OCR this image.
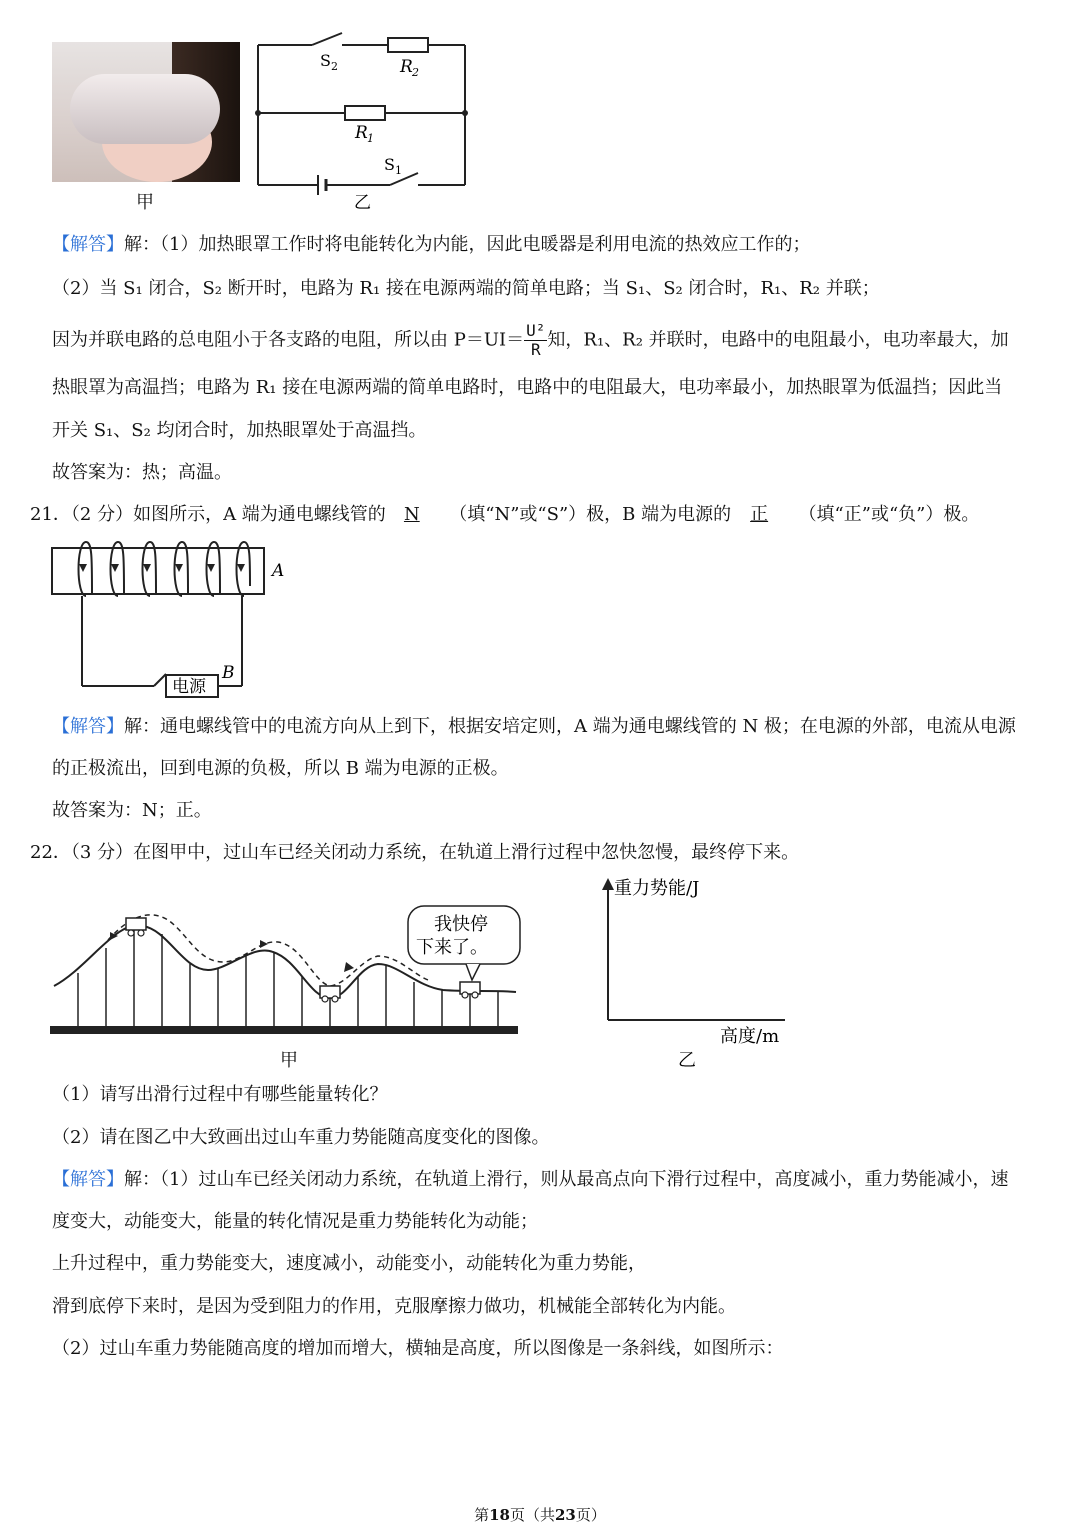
甲
S 2	R 2
R 1
S 1
乙
【解答】解：（1）加热眼罩工作时将电能转化为内能，因此电暖器是利用电流的热效应工作的；
（2）当 S₁ 闭合，S₂ 断开时，电路为 R₁ 接在电源两端的简单电路；当 S₁、S₂ 闭合时，R₁、R₂ 并联；
因为并联电路的总电阻小于各支路的电阻，所以由 $P=UI= \frac{\text{U²}}{R}$ 知，R₁、R₂ 并联时，电路中的电阻最小，电功率最大，加
热眼罩为高温挡；电路为 R₁ 接在电源两端的简单电路时，电路中的电阻最大，电功率最小，加热眼罩为低温挡；因此当
开关 S₁、S₂ 均闭合时，加热眼罩处于高温挡。
故答案为：热；高温。
21．（2 分）如图所示，A 端为通电螺线管的 N （填“N”或“S”）极，B 端为电源的 正 （填“正”或“负”）极。
A
B
电源
【解答】解：通电螺线管中的电流方向从上到下，根据安培定则，A 端为通电螺线管的 N 极；在电源的外部，电流从电源
的正极流出，回到电源的负极，所以 B 端为电源的正极。
故答案为：N；正。
22．（3 分）在图甲中，过山车已经关闭动力系统，在轨道上滑行过程中忽快忽慢，最终停下来。
我快停
下来了。
甲
重力势能/J
高度/m
乙
（1）请写出滑行过程中有哪些能量转化？
（2）请在图乙中大致画出过山车重力势能随高度变化的图像。
【解答】解：（1）过山车已经关闭动力系统，在轨道上滑行，则从最高点向下滑行过程中，高度减小，重力势能减小，速
度变大，动能变大，能量的转化情况是重力势能转化为动能；
上升过程中，重力势能变大，速度减小，动能变小，动能转化为重力势能，
滑到底停下来时，是因为受到阻力的作用，克服摩擦力做功，机械能全部转化为内能。
（2）过山车重力势能随高度的增加而增大，横轴是高度，所以图像是一条斜线，如图所示：
第18页（共23页）
